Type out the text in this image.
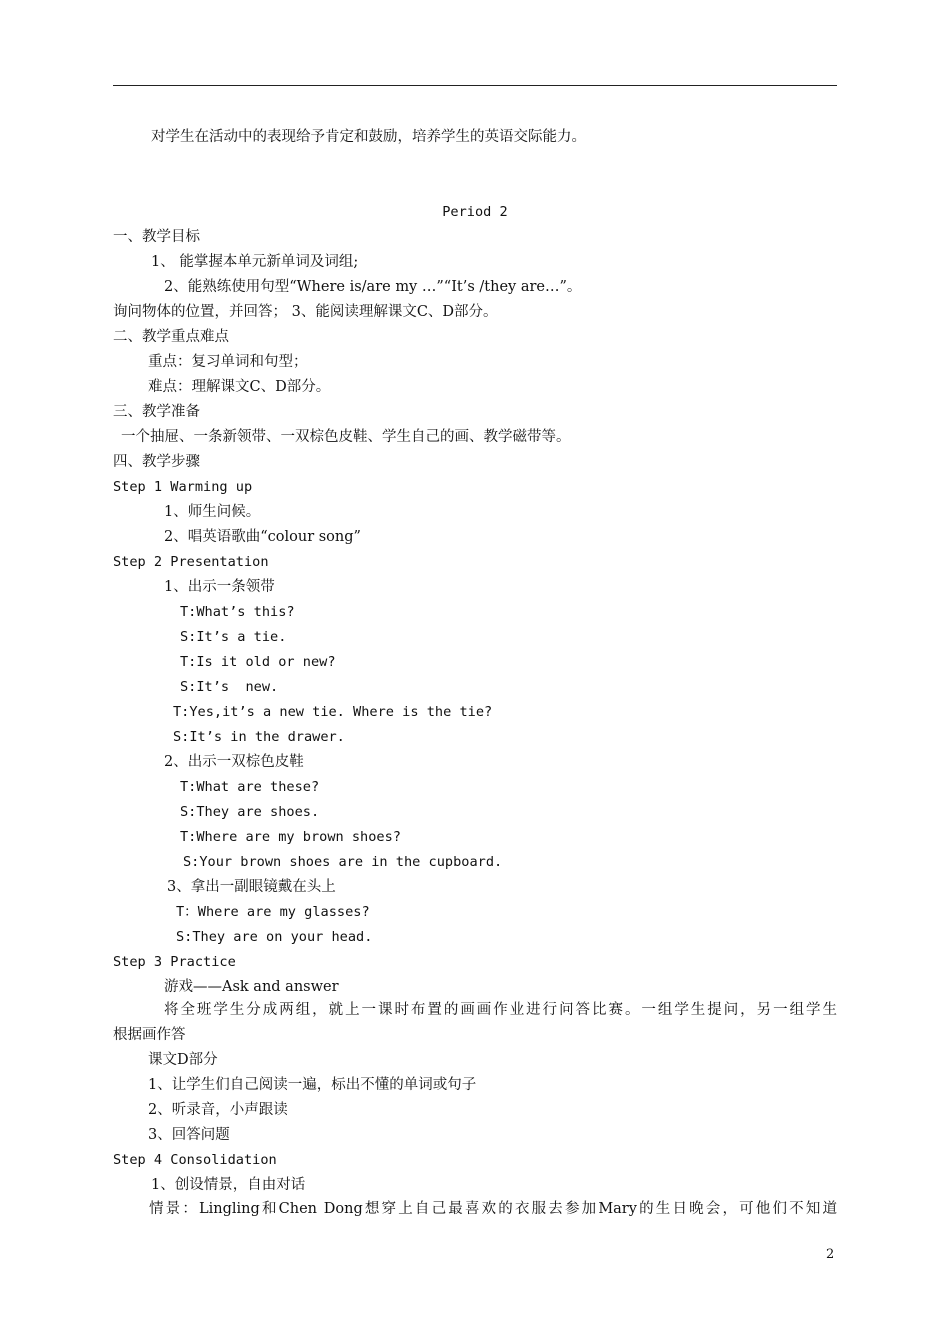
对学生在活动中的表现给予肯定和鼓励，培养学生的英语交际能力。
Period 2
一、教学目标
1、 能掌握本单元新单词及词组;
2、能熟练使用句型“Where is/are my …”“It’s /they are…”。
询问物体的位置，并回答； 3、能阅读理解课文C、D部分。
二、教学重点难点
重点：复习单词和句型；
难点：理解课文C、D部分。
三、教学准备
一个抽屉、一条新领带、一双棕色皮鞋、学生自己的画、教学磁带等。
四、教学步骤
Step 1 Warming up
1、师生问候。
2、唱英语歌曲“colour song”
Step 2 Presentation
1、出示一条领带
T:What’s this?
S:It’s a tie.
T:Is it old or new?
S:It’s  new.
T:Yes,it’s a new tie. Where is the tie?
S:It’s in the drawer.
2、出示一双棕色皮鞋
T:What are these?
S:They are shoes.
T:Where are my brown shoes?
S:Your brown shoes are in the cupboard.
3、拿出一副眼镜戴在头上
T：Where are my glasses?
S:They are on your head.
Step 3 Practice
游戏——Ask and answer
将全班学生分成两组，就上一课时布置的画画作业进行问答比赛。一组学生提问，另一组学生
根据画作答
课文D部分
1、让学生们自己阅读一遍，标出不懂的单词或句子
2、听录音，小声跟读
3、回答问题
Step 4 Consolidation
1、创设情景，自由对话
情景：Lingling和Chen Dong想穿上自己最喜欢的衣服去参加Mary的生日晚会，可他们不知道
2
